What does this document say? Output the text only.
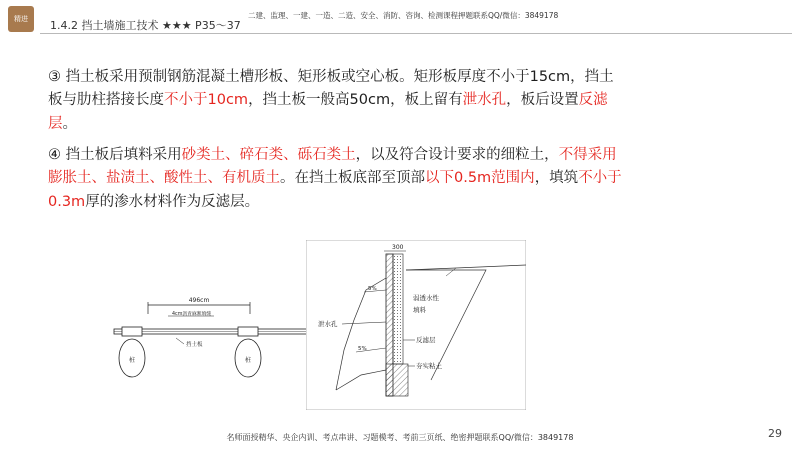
精进	二建、监理、一建、一造、二造、安全、消防、咨询、检测课程押题联系QQ/微信：3849178
1.4.2 挡土墙施工技术 ★★★ P35～37
③ 挡土板采用预制钢筋混凝土槽形板、矩形板或空心板。矩形板厚度不小于15cm，挡土板与肋柱搭接长度不小于10cm，挡土板一般高50cm，板上留有泄水孔，板后设置反滤层。
④ 挡土板后填料采用砂类土、碎石类、砾石类土，以及符合设计要求的细粒土，不得采用膨胀土、盐渍土、酸性土、有机质土。在挡土板底部至顶部以下0.5m范围内，填筑不小于0.3m厚的渗水材料作为反滤层。
496cm
4cm沥青麻絮填缝
挡土板
桩	桩
300
5%
5%
弱透水性
填料
泄水孔
反滤层
夯实粘土
名师面授精华、央企内训、考点串讲、习题模考、考前三页纸、绝密押题联系QQ/微信：3849178	29
